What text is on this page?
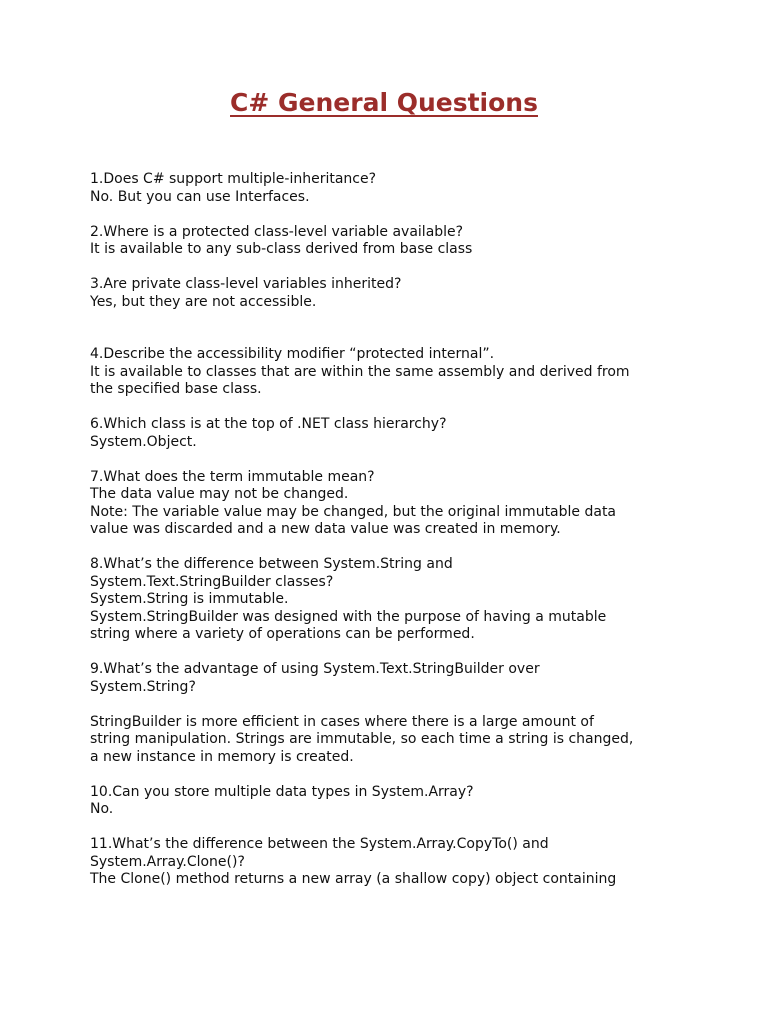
C# General Questions
1.Does C# support multiple-inheritance?
No. But you can use Interfaces.
2.Where is a protected class-level variable available?
It is available to any sub-class derived from base class
3.Are private class-level variables inherited?
Yes, but they are not accessible.
4.Describe the accessibility modifier “protected internal”.
It is available to classes that are within the same assembly and derived from
the specified base class.
6.Which class is at the top of .NET class hierarchy?
System.Object.
7.What does the term immutable mean?
The data value may not be changed.
Note: The variable value may be changed, but the original immutable data
value was discarded and a new data value was created in memory.
8.What’s the difference between System.String and
System.Text.StringBuilder classes?
System.String is immutable.
System.StringBuilder was designed with the purpose of having a mutable
string where a variety of operations can be performed.
9.What’s the advantage of using System.Text.StringBuilder over
System.String?
StringBuilder is more efficient in cases where there is a large amount of
string manipulation. Strings are immutable, so each time a string is changed,
a new instance in memory is created.
10.Can you store multiple data types in System.Array?
No.
11.What’s the difference between the System.Array.CopyTo() and
System.Array.Clone()?
The Clone() method returns a new array (a shallow copy) object containing
